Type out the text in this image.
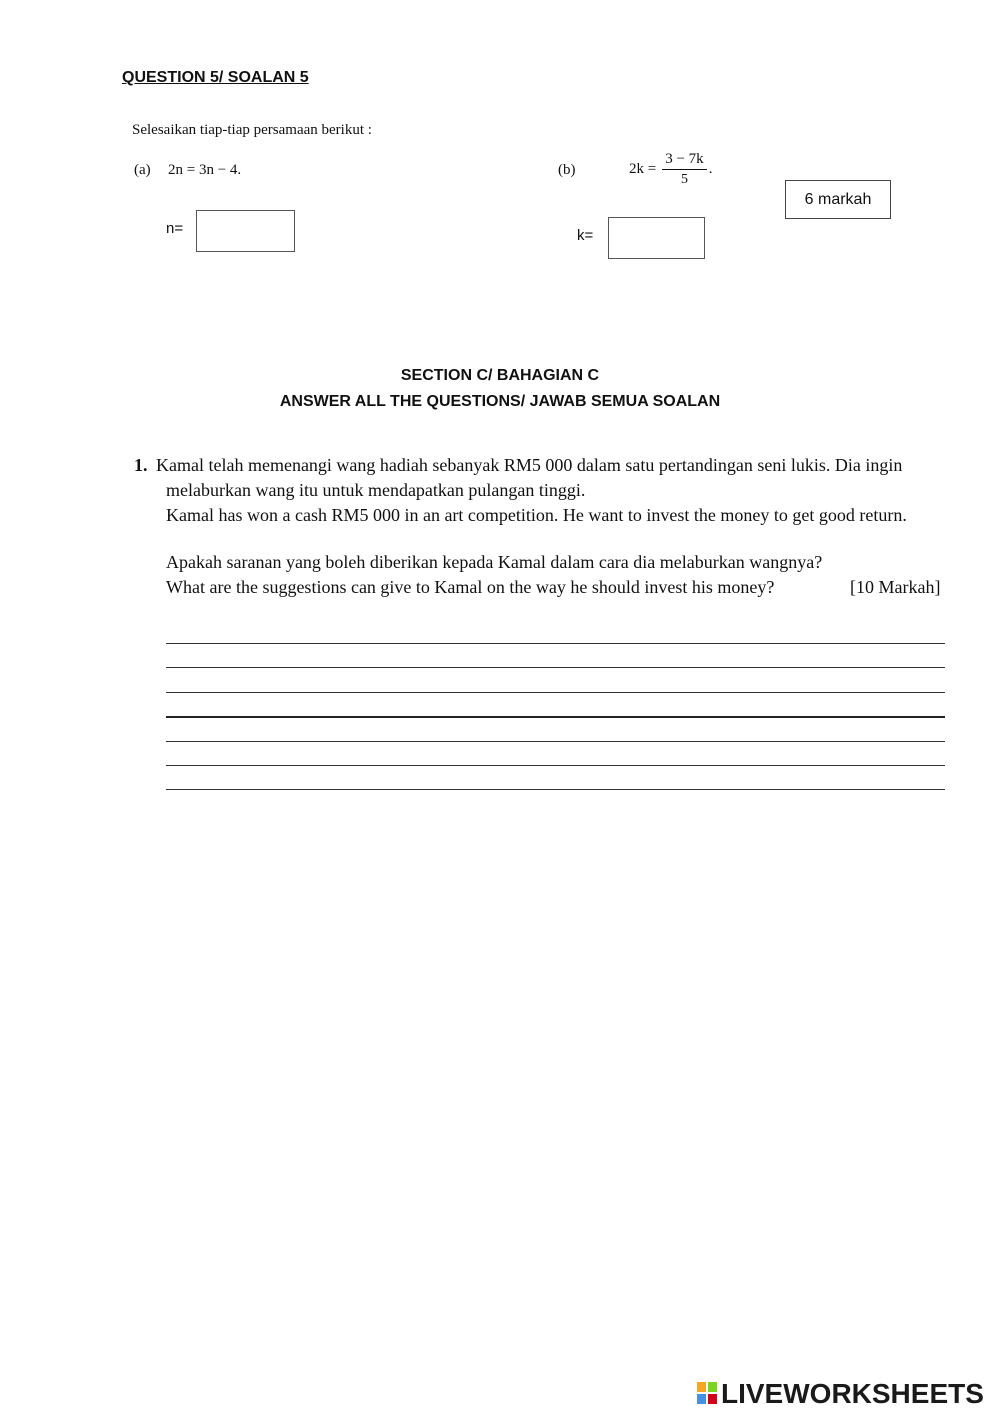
QUESTION 5/ SOALAN 5
Selesaikan tiap-tiap persamaan berikut :
(a) 2n = 3n − 4.	(b)	$2k = \frac{3 - 7k}{5}$ .
n=	k=
6 markah
SECTION C/ BAHAGIAN C
ANSWER ALL THE QUESTIONS/ JAWAB SEMUA SOALAN
1. Kamal telah memenangi wang hadiah sebanyak RM5 000 dalam satu pertandingan seni lukis. Dia ingin
melaburkan wang itu untuk mendapatkan pulangan tinggi.
Kamal has won a cash RM5 000 in an art competition. He want to invest the money to get good return.
Apakah saranan yang boleh diberikan kepada Kamal dalam cara dia melaburkan wangnya?
What are the suggestions can give to Kamal on the way he should invest his money?	[10 Markah]
LIVEWORKSHEETS
